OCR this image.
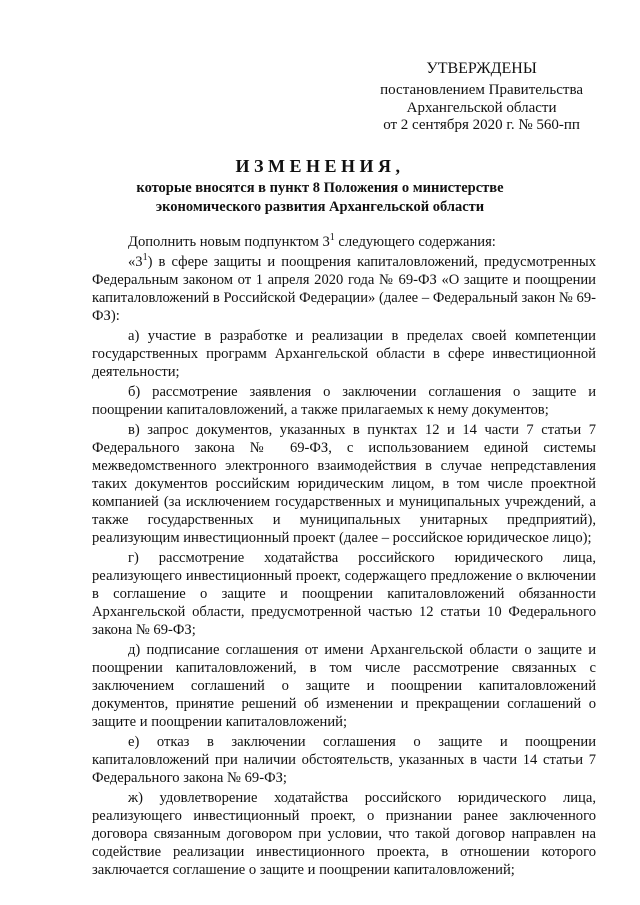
УТВЕРЖДЕНЫ
постановлением Правительства
Архангельской области
от 2 сентября 2020 г. № 560-пп
ИЗМЕНЕНИЯ,
которые вносятся в пункт 8 Положения о министерстве
экономического развития Архангельской области

Дополнить новым подпунктом $3^1$ следующего содержания:

«$3^1$) в сфере защиты и поощрения капиталовложений, предусмотренных Федеральным законом от 1 апреля 2020 года № 69-ФЗ «О защите и поощрении капиталовложений в Российской Федерации» (далее – Федеральный закон № 69-ФЗ):

а) участие в разработке и реализации в пределах своей компетенции государственных программ Архангельской области в сфере инвестиционной деятельности;

б) рассмотрение заявления о заключении соглашения о защите и поощрении капиталовложений, а также прилагаемых к нему документов;

в) запрос документов, указанных в пунктах 12 и 14 части 7 статьи 7 Федерального закона № 69-ФЗ, с использованием единой системы межведомственного электронного взаимодействия в случае непредставления таких документов российским юридическим лицом, в том числе проектной компанией (за исключением государственных и муниципальных учреждений, а также государственных и муниципальных унитарных предприятий), реализующим инвестиционный проект (далее – российское юридическое лицо);

г) рассмотрение ходатайства российского юридического лица, реализующего инвестиционный проект, содержащего предложение о включении в соглашение о защите и поощрении капиталовложений обязанности Архангельской области, предусмотренной частью 12 статьи 10 Федерального закона № 69-ФЗ;

д) подписание соглашения от имени Архангельской области о защите и поощрении капиталовложений, в том числе рассмотрение связанных с заключением соглашений о защите и поощрении капиталовложений документов, принятие решений об изменении и прекращении соглашений о защите и поощрении капиталовложений;

е) отказ в заключении соглашения о защите и поощрении капиталовложений при наличии обстоятельств, указанных в части 14 статьи 7 Федерального закона № 69-ФЗ;

ж) удовлетворение ходатайства российского юридического лица, реализующего инвестиционный проект, о признании ранее заключенного договора связанным договором при условии, что такой договор направлен на содействие реализации инвестиционного проекта, в отношении которого заключается соглашение о защите и поощрении капиталовложений;
